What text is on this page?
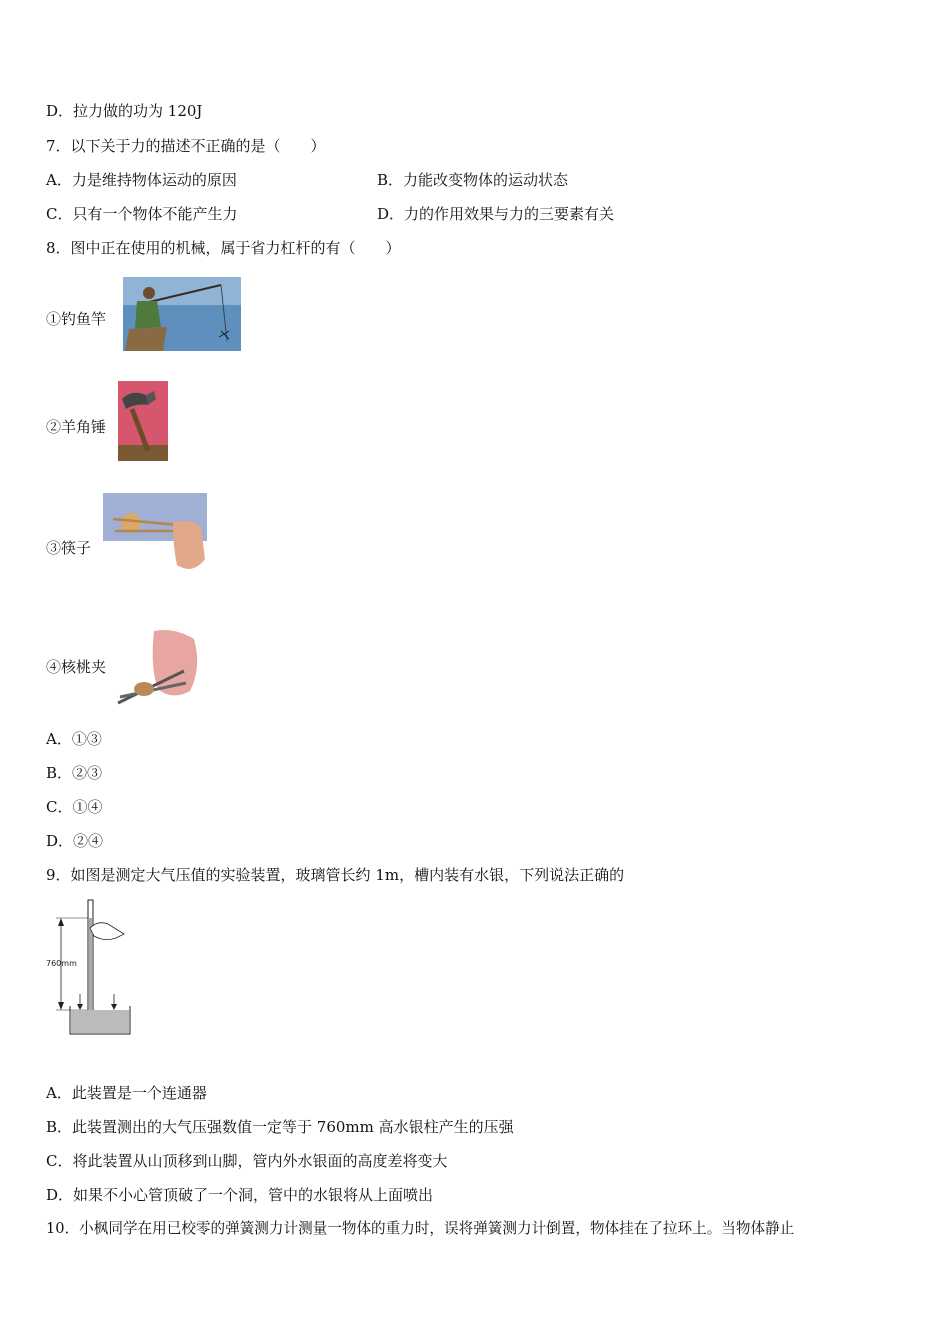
D．拉力做的功为 120J
7．以下关于力的描述不正确的是（　　）
A．力是维持物体运动的原因	B．力能改变物体的运动状态
C．只有一个物体不能产生力	D．力的作用效果与力的三要素有关
8．图中正在使用的机械，属于省力杠杆的有（　　）
①钓鱼竿
②羊角锤
③筷子
④核桃夹
A．①③
B．②③
C．①④
D．②④
9．如图是测定大气压值的实验装置，玻璃管长约 1m，槽内装有水银，下列说法正确的
760mm
A．此装置是一个连通器
B．此装置测出的大气压强数值一定等于 760mm 高水银柱产生的压强
C．将此装置从山顶移到山脚，管内外水银面的高度差将变大
D．如果不小心管顶破了一个洞，管中的水银将从上面喷出
10．小枫同学在用已校零的弹簧测力计测量一物体的重力时，误将弹簧测力计倒置，物体挂在了拉环上。当物体静止
